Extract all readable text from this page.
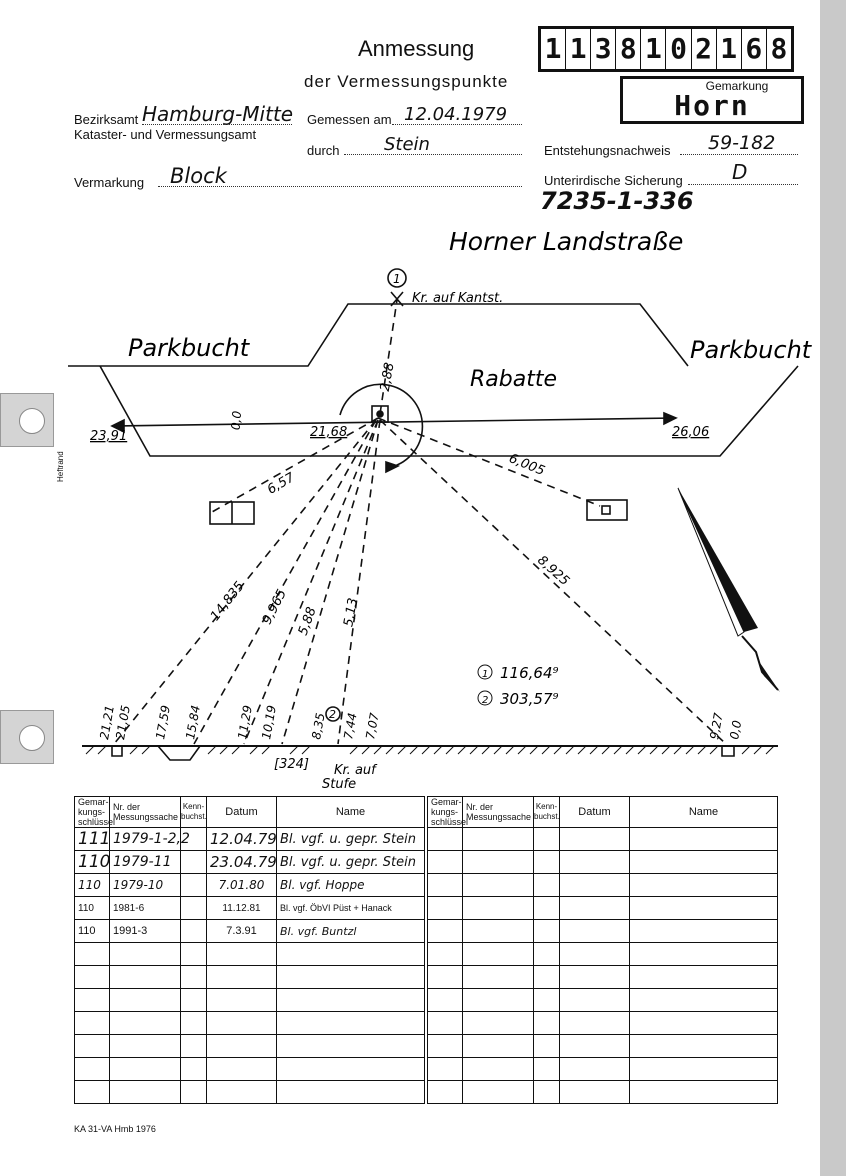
Heftrand
Anmessung
der Vermessungspunkte
1 1 3 8 1 0 2 1 6 8
Gemarkung
Horn
Bezirksamt Hamburg-Mitte
Kataster- und Vermessungsamt
Gemessen am 12.04.1979
durch Stein	Entstehungsnachweis 59-182
Vermarkung Block	Unterirdische Sicherung D
7235-1-336
Horner Landstraße
Parkbucht	Parkbucht
Rabatte
1
2
Kr. auf Kantst.
Kr. auf
Stufe
[324]
116,64⁹
1
303,57⁹
2
2,88
0,0
23,91	21,68	26,06
6,57
6,005
14,835 9,965 5,88 5,13
8,925
21,21
21,05 17,59 15,84	11,29 10,19	8,35 7,44 7,07	9,27 0,0
Gemar-kungs-schlüssel	Nr. der Messungssache	Kenn-buchst.	Datum	Name
111	1979-1-2,2		12.04.79	Bl. vgf. u. gepr. Stein
110	1979-11		23.04.79	Bl. vgf. u. gepr. Stein
110	1979-10		7.01.80	Bl. vgf. Hoppe
110	1981-6		11.12.81	Bl. vgf. ÖbVI Püst + Hanack
110	1991-3		7.3.91	Bl. vgf. Buntzl

Gemar-kungs-schlüssel	Nr. der Messungssache	Kenn-buchst.	Datum	Name

KA 31-VA Hmb 1976
